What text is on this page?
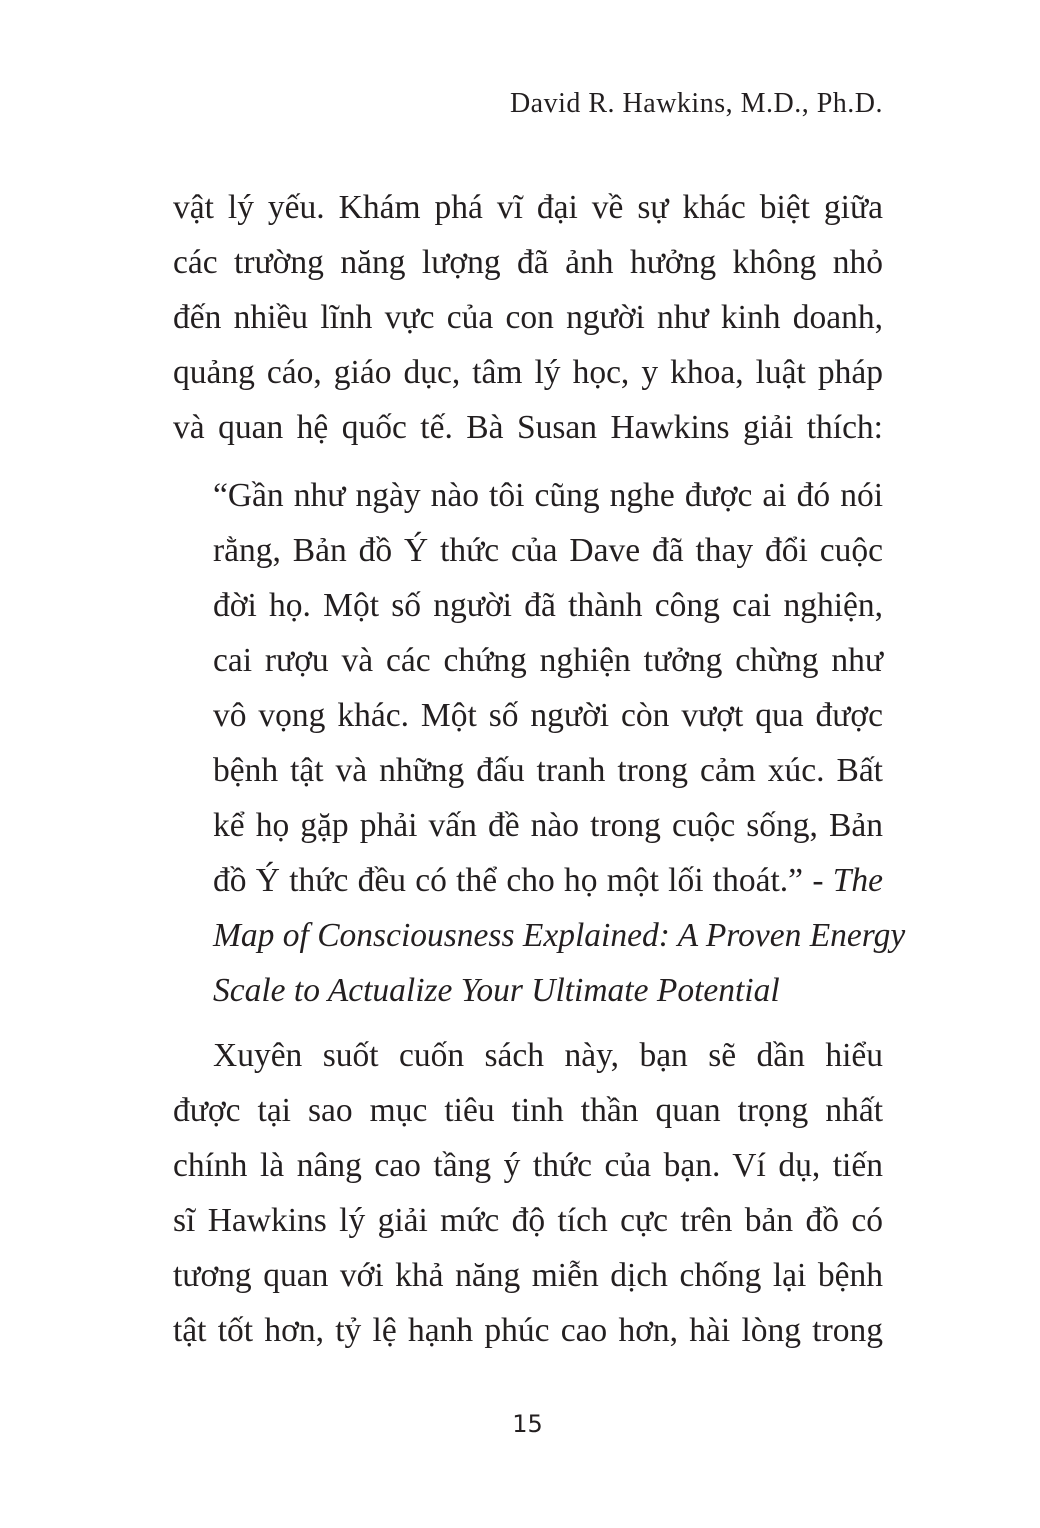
David R. Hawkins, M.D., Ph.D.
vật lý yếu. Khám phá vĩ đại về sự khác biệt giữa
các trường năng lượng đã ảnh hưởng không nhỏ
đến nhiều lĩnh vực của con người như kinh doanh,
quảng cáo, giáo dục, tâm lý học, y khoa, luật pháp
và quan hệ quốc tế. Bà Susan Hawkins giải thích:
“Gần như ngày nào tôi cũng nghe được ai đó nói
rằng, Bản đồ Ý thức của Dave đã thay đổi cuộc
đời họ. Một số người đã thành công cai nghiện,
cai rượu và các chứng nghiện tưởng chừng như
vô vọng khác. Một số người còn vượt qua được
bệnh tật và những đấu tranh trong cảm xúc. Bất
kể họ gặp phải vấn đề nào trong cuộc sống, Bản
đồ Ý thức đều có thể cho họ một lối thoát.” - The
Map of Consciousness Explained: A Proven Energy
Scale to Actualize Your Ultimate Potential
Xuyên suốt cuốn sách này, bạn sẽ dần hiểu
được tại sao mục tiêu tinh thần quan trọng nhất
chính là nâng cao tầng ý thức của bạn. Ví dụ, tiến
sĩ Hawkins lý giải mức độ tích cực trên bản đồ có
tương quan với khả năng miễn dịch chống lại bệnh
tật tốt hơn, tỷ lệ hạnh phúc cao hơn, hài lòng trong
15
